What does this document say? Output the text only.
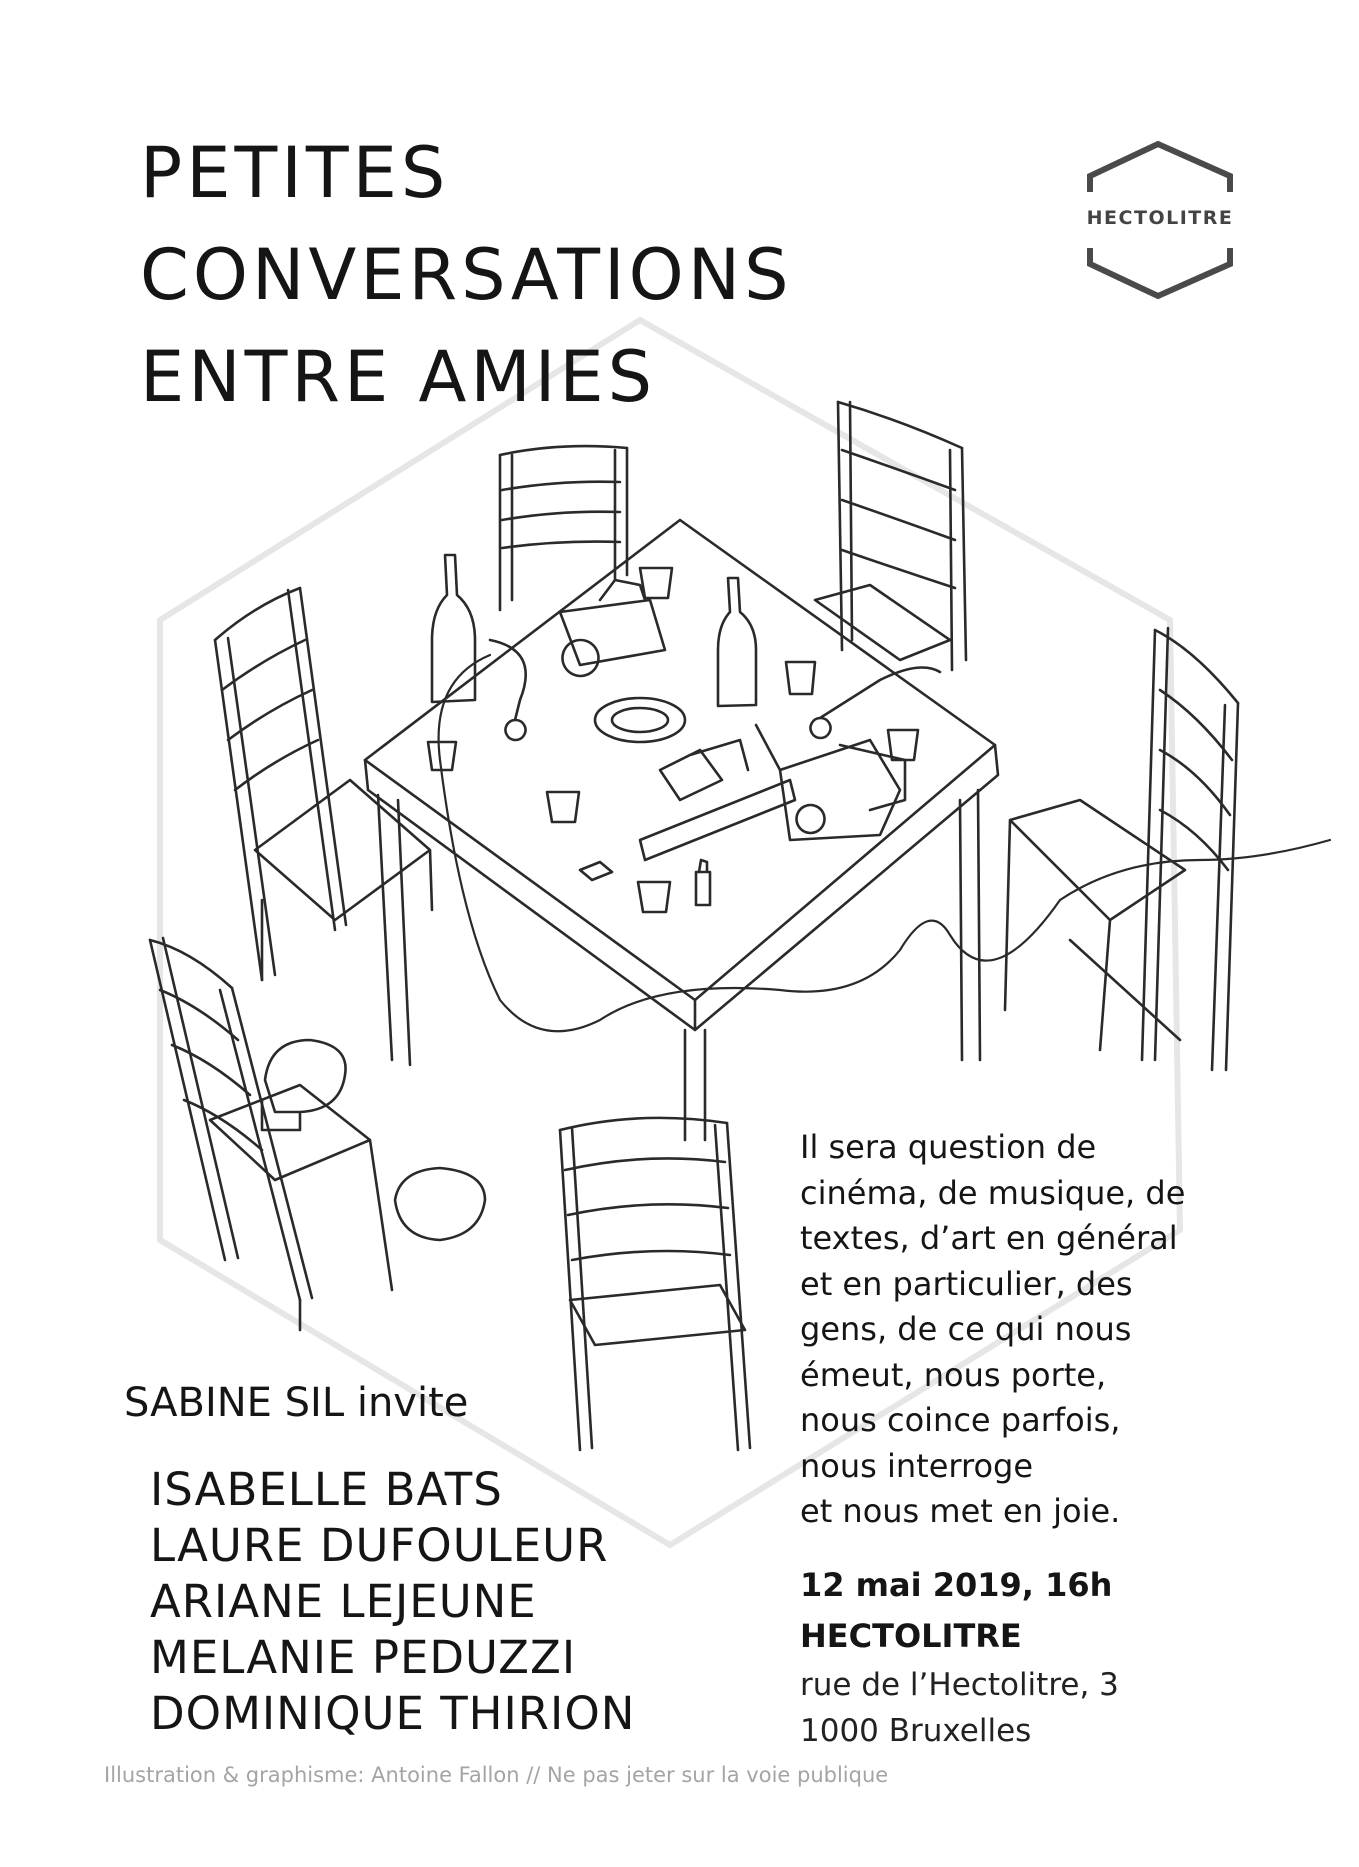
PETITES
CONVERSATIONS
ENTRE AMIES
HECTOLITRE

SABINE SIL invite

ISABELLE BATS
LAURE DUFOULEUR
ARIANE LEJEUNE
MELANIE PEDUZZI
DOMINIQUE THIRION

Il sera question de
cinéma, de musique, de
textes, d’art en général
et en particulier, des
gens, de ce qui nous
émeut, nous porte,
nous coince parfois,
nous interroge
et nous met en joie.

12 mai 2019, 16h
HECTOLITRE

rue de l’Hectolitre, 3
1000 Bruxelles

Illustration & graphisme: Antoine Fallon // Ne pas jeter sur la voie publique
